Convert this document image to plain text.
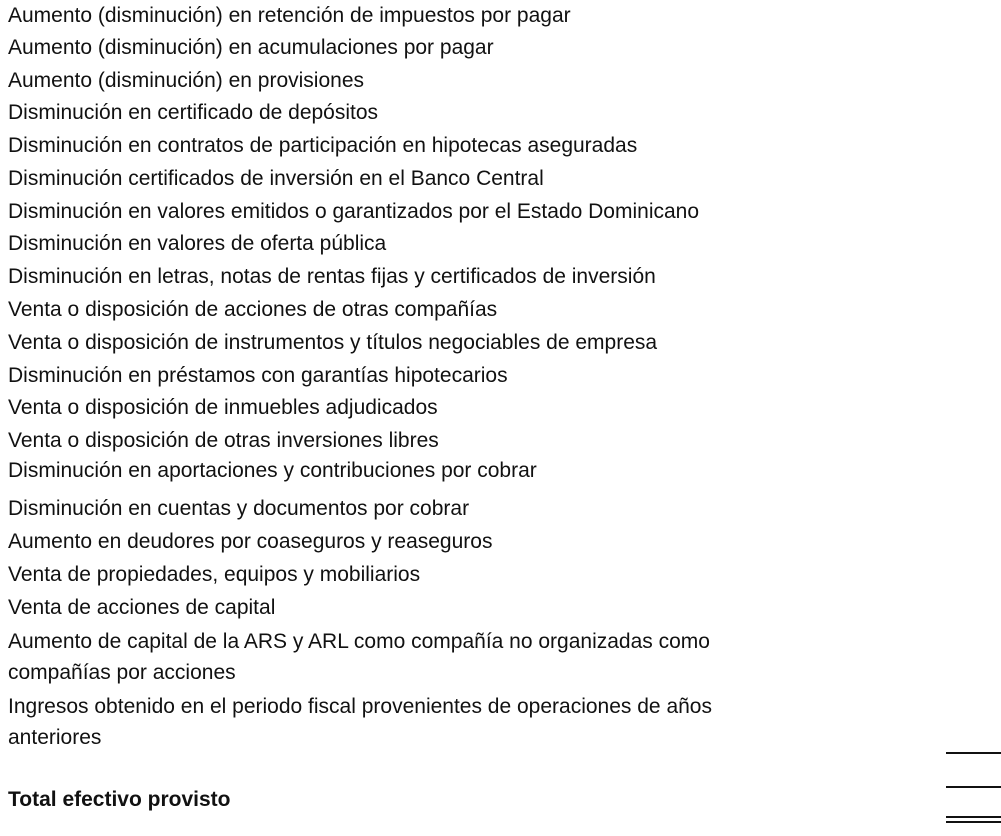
Aumento (disminución) en retención de impuestos por pagar
Aumento (disminución) en acumulaciones por pagar
Aumento (disminución) en provisiones
Disminución en certificado de depósitos
Disminución en contratos de participación en hipotecas aseguradas
Disminución certificados de inversión en el Banco Central
Disminución en valores emitidos o garantizados por el Estado Dominicano
Disminución en valores de oferta pública
Disminución en letras, notas de rentas fijas y certificados de inversión
Venta o disposición de acciones de otras compañías
Venta o disposición de instrumentos y títulos negociables de empresa
Disminución en préstamos con garantías hipotecarios
Venta o disposición de inmuebles adjudicados
Venta o disposición de otras inversiones libres
Disminución en aportaciones y contribuciones por cobrar
Disminución en cuentas y documentos por cobrar
Aumento en deudores por coaseguros y reaseguros
Venta de propiedades, equipos y mobiliarios
Venta de acciones de capital
Aumento de capital de la ARS y ARL como compañía no organizadas como
compañías por acciones
Ingresos obtenido en el periodo fiscal provenientes de operaciones de años
anteriores
Total efectivo provisto
